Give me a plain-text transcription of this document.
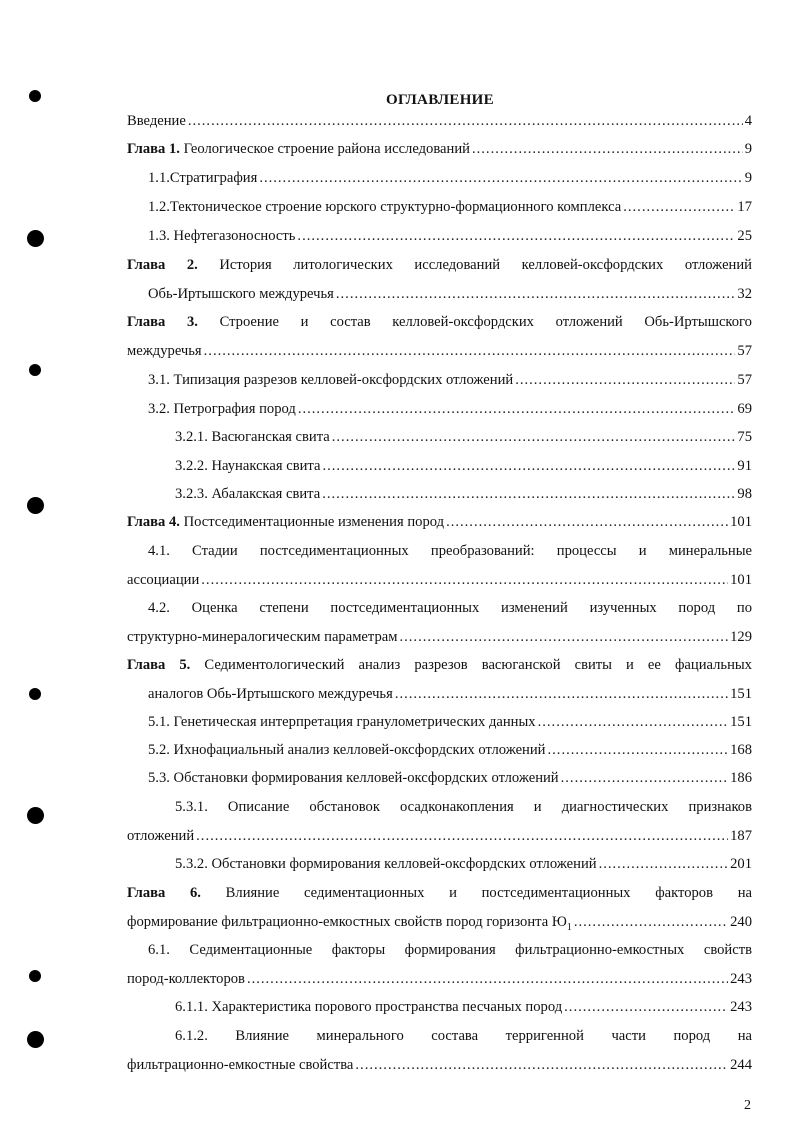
ОГЛАВЛЕНИЕ
Введение .....	4
Глава 1. Геологическое строение района исследований .....	9
1.1.Стратиграфия .....	9
1.2.Тектоническое строение юрского структурно-формационного комплекса .....	17
1.3. Нефтегазоносность .....	25
Глава 2. История литологических исследований келловей-оксфордских отложений
Обь-Иртышского междуречья .....	32
Глава 3. Строение и состав келловей-оксфордских отложений Обь-Иртышского
междуречья .....	57
3.1. Типизация разрезов келловей-оксфордских отложений .....	57
3.2. Петрография пород .....	69
3.2.1. Васюганская свита .....	75
3.2.2. Наунакская свита .....	91
3.2.3. Абалакская свита .....	98
Глава 4. Постседиментационные изменения пород .....	101
4.1. Стадии постседиментационных преобразований: процессы и минеральные
ассоциации .....	101
4.2. Оценка степени постседиментационных изменений изученных пород по
структурно-минералогическим параметрам .....	129
Глава 5. Седиментологический анализ разрезов васюганской свиты и ее фациальных
аналогов Обь-Иртышского междуречья .....	151
5.1. Генетическая интерпретация гранулометрических данных .....	151
5.2. Ихнофациальный анализ келловей-оксфордских отложений .....	168
5.3. Обстановки формирования келловей-оксфордских отложений .....	186
5.3.1. Описание обстановок осадконакопления и диагностических признаков
отложений .....	187
5.3.2. Обстановки формирования келловей-оксфордских отложений .....	201
Глава 6. Влияние седиментационных и постседиментационных факторов на
формирование фильтрационно-емкостных свойств пород горизонта $Ю_1$ .....	240
6.1. Седиментационные факторы формирования фильтрационно-емкостных свойств
пород-коллекторов .....	243
6.1.1. Характеристика порового пространства песчаных пород .....	243
6.1.2. Влияние минерального состава терригенной части пород на
фильтрационно-емкостные свойства .....	244
2
